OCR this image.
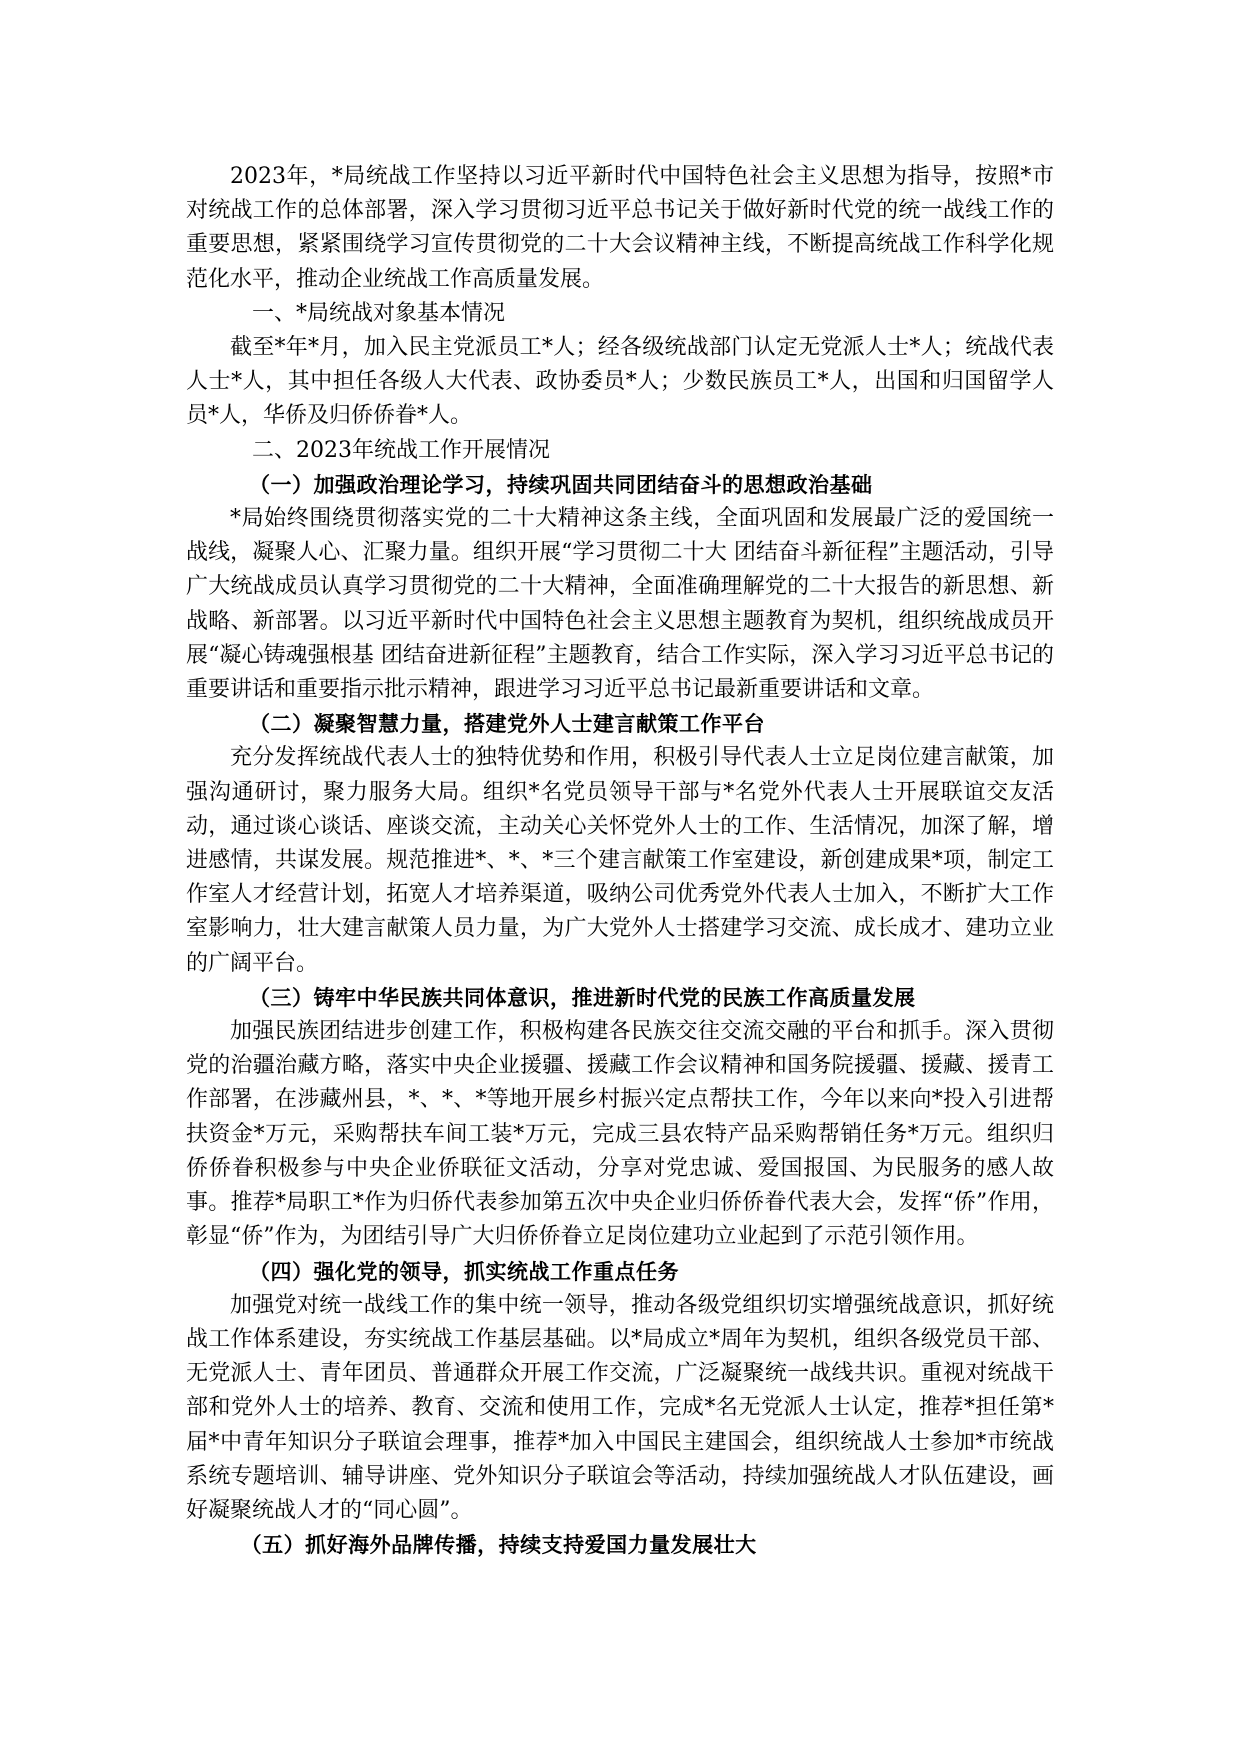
2023年，*局统战工作坚持以习近平新时代中国特色社会主义思想为指导，按照*市对统战工作的总体部署，深入学习贯彻习近平总书记关于做好新时代党的统一战线工作的重要思想，紧紧围绕学习宣传贯彻党的二十大会议精神主线，不断提高统战工作科学化规范化水平，推动企业统战工作高质量发展。

一、*局统战对象基本情况

截至*年*月，加入民主党派员工*人；经各级统战部门认定无党派人士*人；统战代表人士*人，其中担任各级人大代表、政协委员*人；少数民族员工*人，出国和归国留学人员*人，华侨及归侨侨眷*人。

二、2023年统战工作开展情况

（一）加强政治理论学习，持续巩固共同团结奋斗的思想政治基础

*局始终围绕贯彻落实党的二十大精神这条主线，全面巩固和发展最广泛的爱国统一战线，凝聚人心、汇聚力量。组织开展“学习贯彻二十大 团结奋斗新征程”主题活动，引导广大统战成员认真学习贯彻党的二十大精神，全面准确理解党的二十大报告的新思想、新战略、新部署。以习近平新时代中国特色社会主义思想主题教育为契机，组织统战成员开展“凝心铸魂强根基 团结奋进新征程”主题教育，结合工作实际，深入学习习近平总书记的重要讲话和重要指示批示精神，跟进学习习近平总书记最新重要讲话和文章。

（二）凝聚智慧力量，搭建党外人士建言献策工作平台

充分发挥统战代表人士的独特优势和作用，积极引导代表人士立足岗位建言献策，加强沟通研讨，聚力服务大局。组织*名党员领导干部与*名党外代表人士开展联谊交友活动，通过谈心谈话、座谈交流，主动关心关怀党外人士的工作、生活情况，加深了解，增进感情，共谋发展。规范推进*、*、*三个建言献策工作室建设，新创建成果*项，制定工作室人才经营计划，拓宽人才培养渠道，吸纳公司优秀党外代表人士加入，不断扩大工作室影响力，壮大建言献策人员力量，为广大党外人士搭建学习交流、成长成才、建功立业的广阔平台。

（三）铸牢中华民族共同体意识，推进新时代党的民族工作高质量发展

加强民族团结进步创建工作，积极构建各民族交往交流交融的平台和抓手。深入贯彻党的治疆治藏方略，落实中央企业援疆、援藏工作会议精神和国务院援疆、援藏、援青工作部署，在涉藏州县，*、*、*等地开展乡村振兴定点帮扶工作，今年以来向*投入引进帮扶资金*万元，采购帮扶车间工装*万元，完成三县农特产品采购帮销任务*万元。组织归侨侨眷积极参与中央企业侨联征文活动，分享对党忠诚、爱国报国、为民服务的感人故事。推荐*局职工*作为归侨代表参加第五次中央企业归侨侨眷代表大会，发挥“侨”作用，彰显“侨”作为，为团结引导广大归侨侨眷立足岗位建功立业起到了示范引领作用。

（四）强化党的领导，抓实统战工作重点任务

加强党对统一战线工作的集中统一领导，推动各级党组织切实增强统战意识，抓好统战工作体系建设，夯实统战工作基层基础。以*局成立*周年为契机，组织各级党员干部、无党派人士、青年团员、普通群众开展工作交流，广泛凝聚统一战线共识。重视对统战干部和党外人士的培养、教育、交流和使用工作，完成*名无党派人士认定，推荐*担任第*届*中青年知识分子联谊会理事，推荐*加入中国民主建国会，组织统战人士参加*市统战系统专题培训、辅导讲座、党外知识分子联谊会等活动，持续加强统战人才队伍建设，画好凝聚统战人才的“同心圆”。

（五）抓好海外品牌传播，持续支持爱国力量发展壮大
